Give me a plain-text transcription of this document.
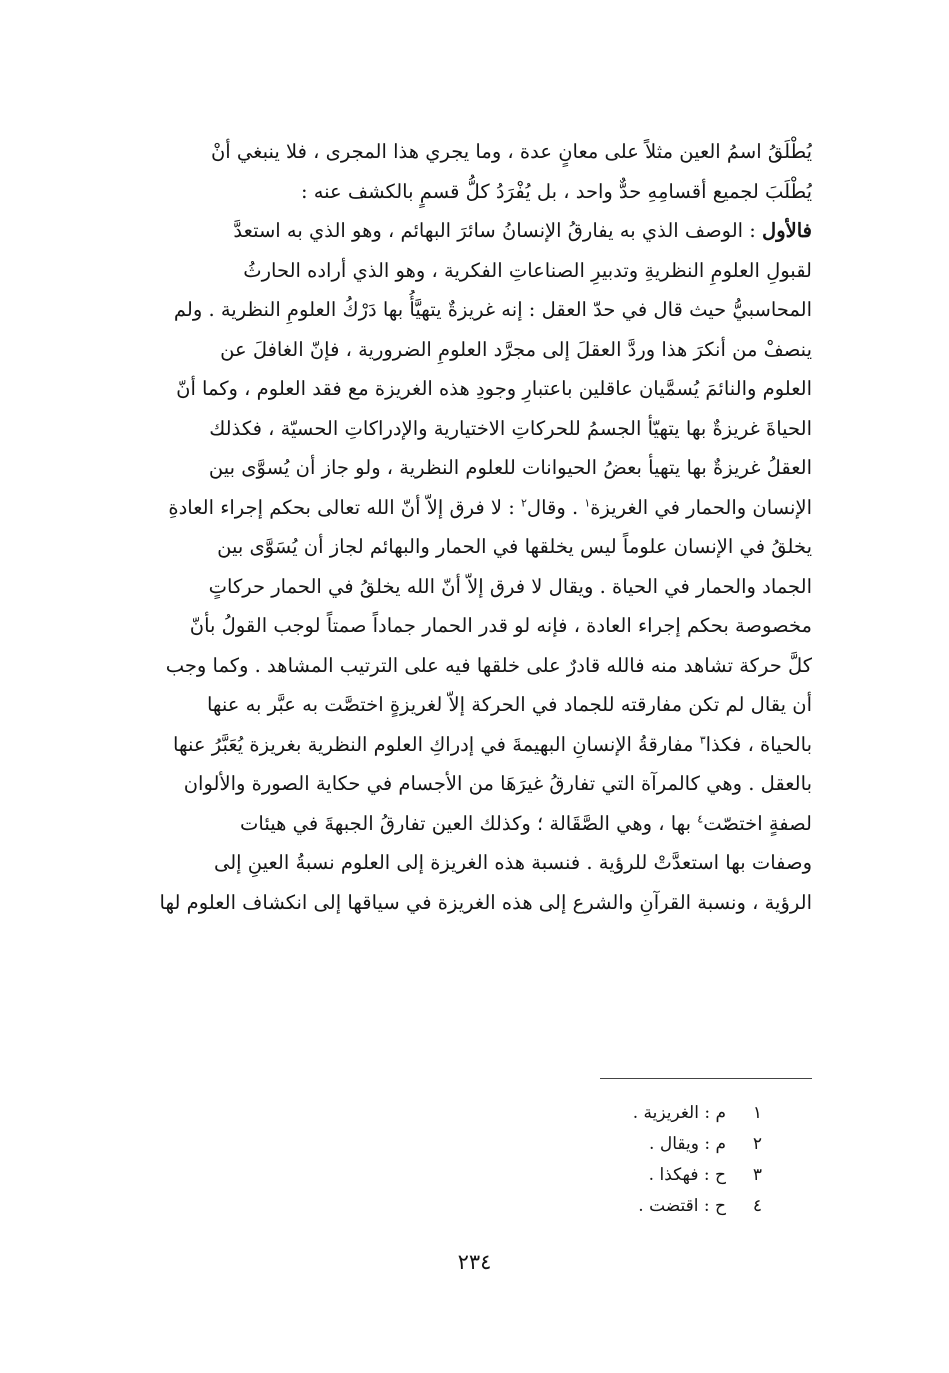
يُطْلَقُ اسمُ العين مثلاً على معانٍ عدة ، وما يجري هذا المجرى ، فلا ينبغي أنْ
يُطْلَبَ لجميع أقسامِهِ حدٌّ واحد ، بل يُفْرَدُ كلُّ قسمٍ بالكشف عنه :
فالأول : الوصف الذي به يفارقُ الإنسانُ سائرَ البهائم ، وهو الذي به استعدَّ
لقبولِ العلومِ النظريةِ وتدبيرِ الصناعاتِ الفكرية ، وهو الذي أراده الحارثُ
المحاسبيُّ حيث قال في حدّ العقل : إنه غريزةٌ يتهيَّأُ بها دَرْكُ العلومِ النظرية . ولم
ينصفْ من أنكرَ هذا وردَّ العقلَ إلى مجرَّد العلومِ الضرورية ، فإنّ الغافلَ عن
العلوم والنائمَ يُسمَّيان عاقلين باعتبارِ وجودِ هذه الغريزة مع فقد العلوم ، وكما أنّ
الحياةَ غريزةٌ بها يتهيّأ الجسمُ للحركاتِ الاختيارية والإدراكاتِ الحسيّة ، فكذلك
العقلُ غريزةٌ بها يتهيأ بعضُ الحيوانات للعلوم النظرية ، ولو جاز أن يُسوَّى بين
الإنسان والحمار في الغريزة$^١$ . وقال$^٢$ : لا فرق إلاّ أنّ الله تعالى بحكم إجراء العادةِ
يخلقُ في الإنسان علوماً ليس يخلقها في الحمار والبهائم لجاز أن يُسَوَّى بين
الجماد والحمار في الحياة . ويقال لا فرق إلاّ أنّ الله يخلقُ في الحمار حركاتٍ
مخصوصة بحكم إجراء العادة ، فإنه لو قدر الحمار جماداً صمتاً لوجب القولُ بأنّ
كلَّ حركة تشاهد منه فالله قادرٌ على خلقها فيه على الترتيب المشاهد . وكما وجب
أن يقال لم تكن مفارقته للجماد في الحركة إلاّ لغريزةٍ اختصَّت به عبَّر به عنها
بالحياة ، فكذا$^٣$ مفارقةُ الإنسانِ البهيمةَ في إدراكِ العلوم النظرية بغريزة يُعَبَّرُ عنها
بالعقل . وهي كالمرآة التي تفارقُ غيرَهَا من الأجسام في حكاية الصورة والألوان
لصفةٍ اختصّت$^٤$ بها ، وهي الصَّقَالة ؛ وكذلك العين تفارقُ الجبهةَ في هيئات
وصفات بها استعدَّتْ للرؤية . فنسبة هذه الغريزة إلى العلوم نسبةُ العينِ إلى
الرؤية ، ونسبة القرآنِ والشرع إلى هذه الغريزة في سياقها إلى انكشاف العلوم لها
١
م : الغريزية .
٢
م : ويقال .
٣
ح : فهكذا .
٤
ح : اقتضت .
٢٣٤
